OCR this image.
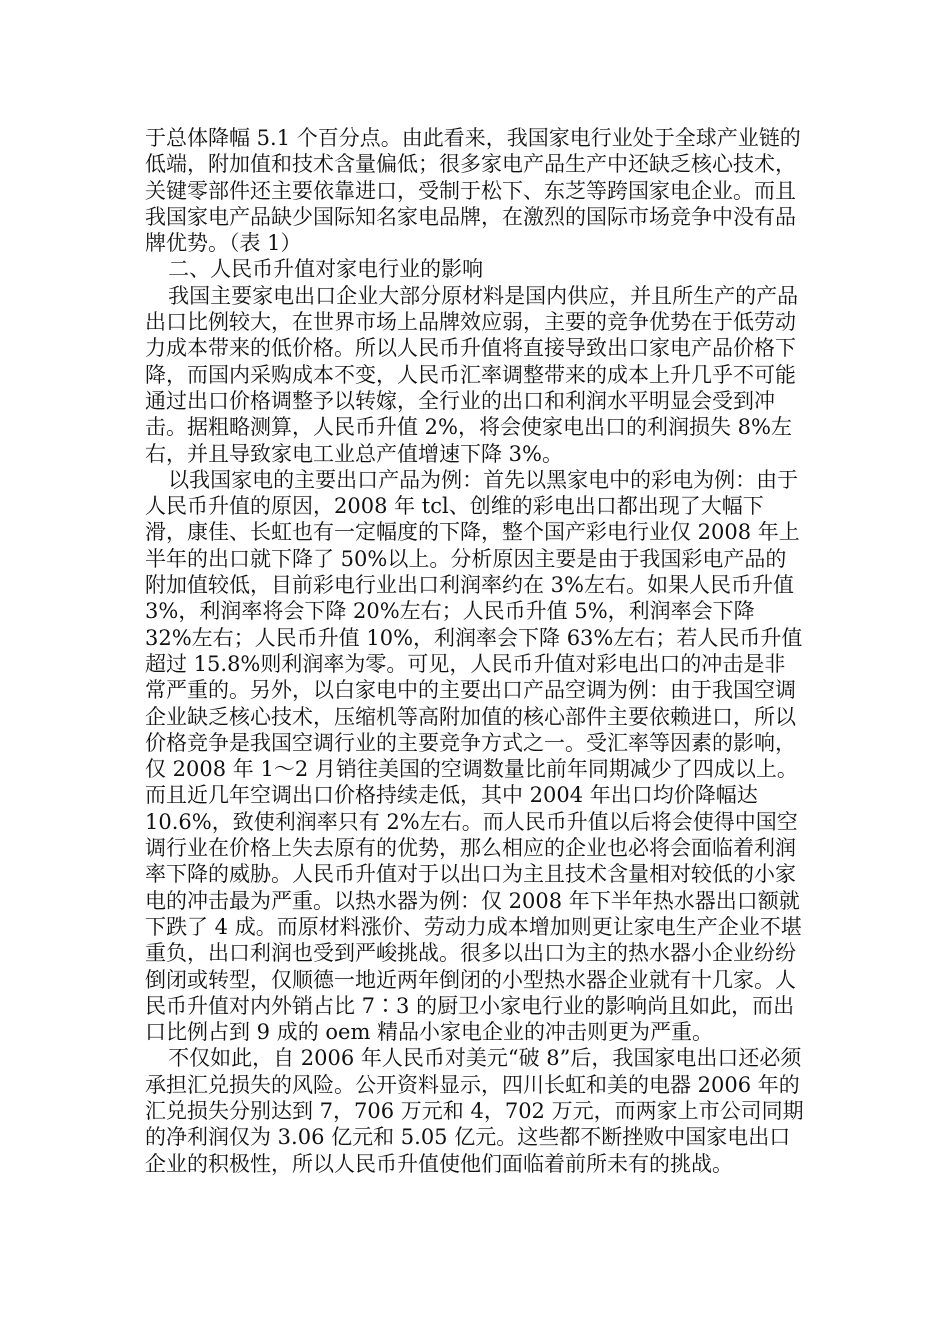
于总体降幅 5.1 个百分点。由此看来，我国家电行业处于全球产业链的低端，附加值和技术含量偏低；很多家电产品生产中还缺乏核心技术，关键零部件还主要依靠进口，受制于松下、东芝等跨国家电企业。而且我国家电产品缺少国际知名家电品牌，在激烈的国际市场竞争中没有品牌优势。（表 1）

二、人民币升值对家电行业的影响

我国主要家电出口企业大部分原材料是国内供应，并且所生产的产品出口比例较大，在世界市场上品牌效应弱，主要的竞争优势在于低劳动力成本带来的低价格。所以人民币升值将直接导致出口家电产品价格下降，而国内采购成本不变，人民币汇率调整带来的成本上升几乎不可能通过出口价格调整予以转嫁，全行业的出口和利润水平明显会受到冲击。据粗略测算，人民币升值 2%，将会使家电出口的利润损失 8%左右，并且导致家电工业总产值增速下降 3%。

以我国家电的主要出口产品为例：首先以黑家电中的彩电为例：由于人民币升值的原因，2008 年 tcl、创维的彩电出口都出现了大幅下滑，康佳、长虹也有一定幅度的下降，整个国产彩电行业仅 2008 年上半年的出口就下降了 50%以上。分析原因主要是由于我国彩电产品的附加值较低，目前彩电行业出口利润率约在 3%左右。如果人民币升值 3%，利润率将会下降 20%左右；人民币升值 5%，利润率会下降 32%左右；人民币升值 10%，利润率会下降 63%左右；若人民币升值超过 15.8%则利润率为零。可见，人民币升值对彩电出口的冲击是非常严重的。另外，以白家电中的主要出口产品空调为例：由于我国空调企业缺乏核心技术，压缩机等高附加值的核心部件主要依赖进口，所以价格竞争是我国空调行业的主要竞争方式之一。受汇率等因素的影响，仅 2008 年 1～2 月销往美国的空调数量比前年同期减少了四成以上。而且近几年空调出口价格持续走低，其中 2004 年出口均价降幅达 10.6%，致使利润率只有 2%左右。而人民币升值以后将会使得中国空调行业在价格上失去原有的优势，那么相应的企业也必将会面临着利润率下降的威胁。人民币升值对于以出口为主且技术含量相对较低的小家电的冲击最为严重。以热水器为例：仅 2008 年下半年热水器出口额就下跌了 4 成。而原材料涨价、劳动力成本增加则更让家电生产企业不堪重负，出口利润也受到严峻挑战。很多以出口为主的热水器小企业纷纷倒闭或转型，仅顺德一地近两年倒闭的小型热水器企业就有十几家。人民币升值对内外销占比 7∶3 的厨卫小家电行业的影响尚且如此，而出口比例占到 9 成的 oem 精品小家电企业的冲击则更为严重。

不仅如此，自 2006 年人民币对美元“破 8”后，我国家电出口还必须承担汇兑损失的风险。公开资料显示，四川长虹和美的电器 2006 年的汇兑损失分别达到 7，706 万元和 4，702 万元，而两家上市公司同期的净利润仅为 3.06 亿元和 5.05 亿元。这些都不断挫败中国家电出口企业的积极性，所以人民币升值使他们面临着前所未有的挑战。
